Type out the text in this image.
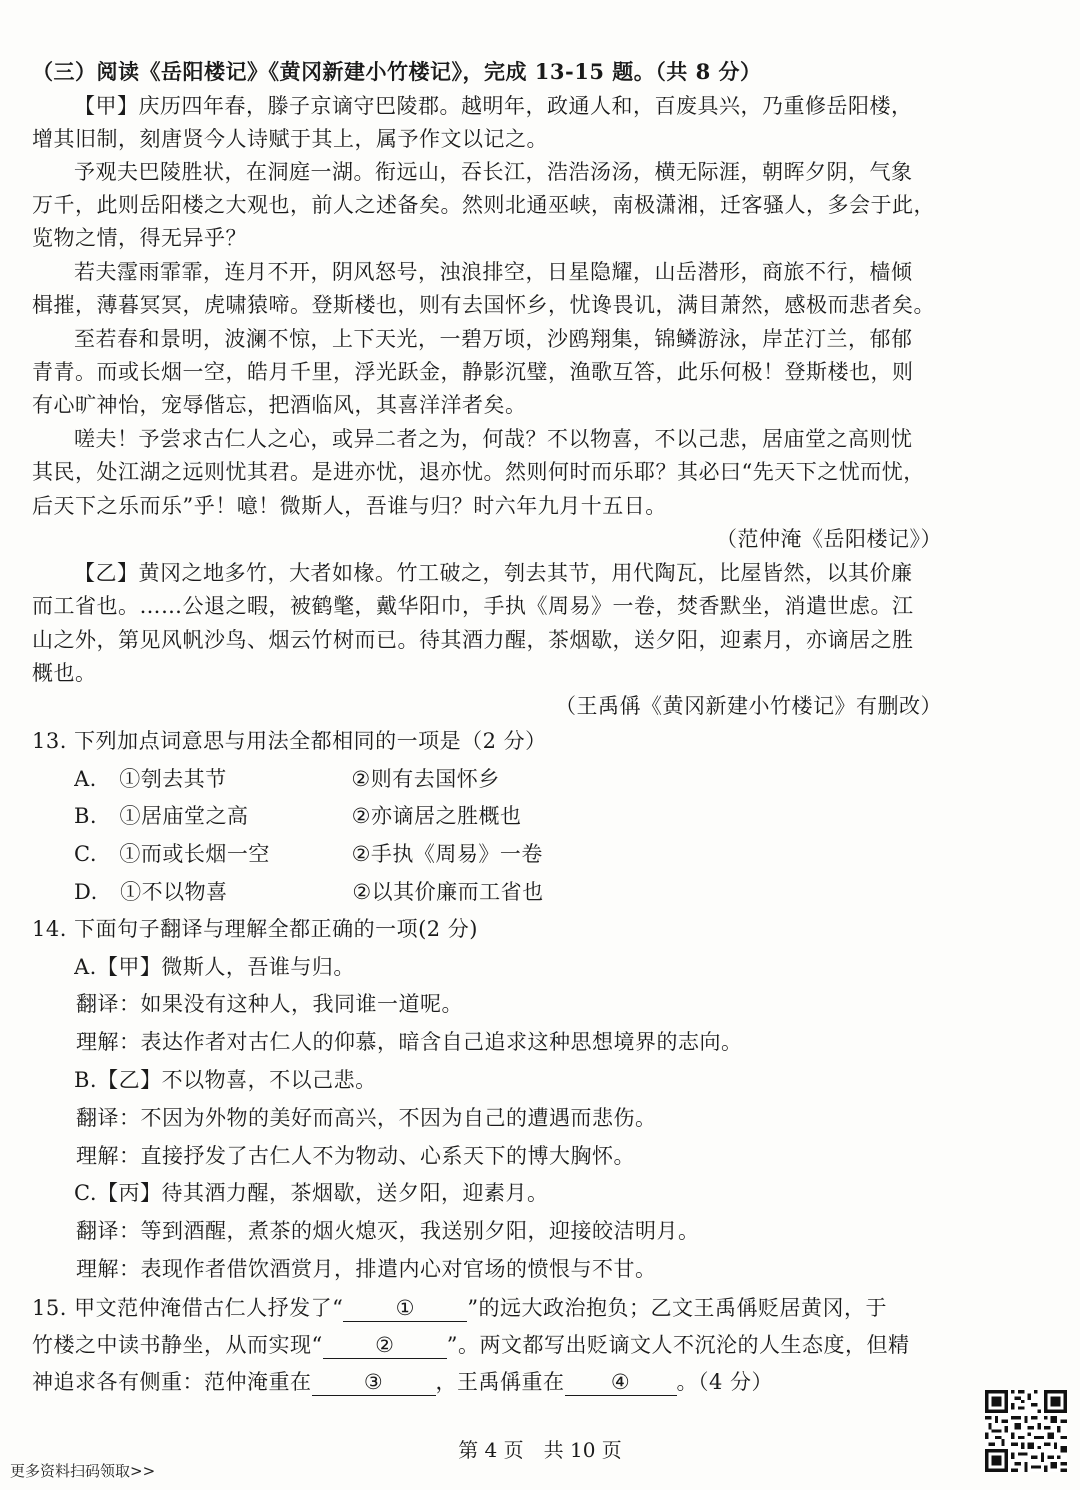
（三）阅读《岳阳楼记》《黄冈新建小竹楼记》，完成 13-15 题。（共 8 分）
【甲】庆历四年春，滕子京谪守巴陵郡。越明年，政通人和，百废具兴，乃重修岳阳楼，
增其旧制，刻唐贤今人诗赋于其上，属予作文以记之。
予观夫巴陵胜状，在洞庭一湖。衔远山，吞长江，浩浩汤汤，横无际涯，朝晖夕阴，气象
万千，此则岳阳楼之大观也，前人之述备矣。然则北通巫峡，南极潇湘，迁客骚人，多会于此，
览物之情，得无异乎？
若夫霪雨霏霏，连月不开，阴风怒号，浊浪排空，日星隐耀，山岳潜形，商旅不行，樯倾
楫摧，薄暮冥冥，虎啸猿啼。登斯楼也，则有去国怀乡，忧谗畏讥，满目萧然，感极而悲者矣。
至若春和景明，波澜不惊，上下天光，一碧万顷，沙鸥翔集，锦鳞游泳，岸芷汀兰，郁郁
青青。而或长烟一空，皓月千里，浮光跃金，静影沉璧，渔歌互答，此乐何极！登斯楼也，则
有心旷神怡，宠辱偕忘，把酒临风，其喜洋洋者矣。
嗟夫！予尝求古仁人之心，或异二者之为，何哉？不以物喜，不以己悲，居庙堂之高则忧
其民，处江湖之远则忧其君。是进亦忧，退亦忧。然则何时而乐耶？其必曰“先天下之忧而忧，
后天下之乐而乐”乎！噫！微斯人，吾谁与归？时六年九月十五日。
（范仲淹《岳阳楼记》）
【乙】黄冈之地多竹，大者如椽。竹工破之，刳去其节，用代陶瓦，比屋皆然，以其价廉
而工省也。……公退之暇，被鹤氅，戴华阳巾，手执《周易》一卷，焚香默坐，消遣世虑。江
山之外，第见风帆沙鸟、烟云竹树而已。待其酒力醒，茶烟歇，送夕阳，迎素月，亦谪居之胜
概也。
（王禹偁《黄冈新建小竹楼记》有删改）
13. 下列加点词意思与用法全都相同的一项是（2 分）
A. ①刳去其节	②则有去国怀乡
B. ①居庙堂之高	②亦谪居之胜概也
C. ①而或长烟一空	②手执《周易》一卷
D. ①不以物喜	②以其价廉而工省也
14. 下面句子翻译与理解全都正确的一项(2 分)
A.【甲】微斯人，吾谁与归。
翻译：如果没有这种人，我同谁一道呢。
理解：表达作者对古仁人的仰慕，暗含自己追求这种思想境界的志向。
B.【乙】不以物喜，不以己悲。
翻译：不因为外物的美好而高兴，不因为自己的遭遇而悲伤。
理解：直接抒发了古仁人不为物动、心系天下的博大胸怀。
C.【丙】待其酒力醒，茶烟歇，送夕阳，迎素月。
翻译：等到酒醒，煮茶的烟火熄灭，我送别夕阳，迎接皎洁明月。
理解：表现作者借饮酒赏月，排遣内心对官场的愤恨与不甘。
15. 甲文范仲淹借古仁人抒发了“ ① ”的远大政治抱负；乙文王禹偁贬居黄冈，于
竹楼之中读书静坐，从而实现“ ② ”。两文都写出贬谪文人不沉沦的人生态度，但精
神追求各有侧重：范仲淹重在 ③ ，王禹偁重在 ④ 。（4 分）
第 4 页　共 10 页
更多资料扫码领取>>
